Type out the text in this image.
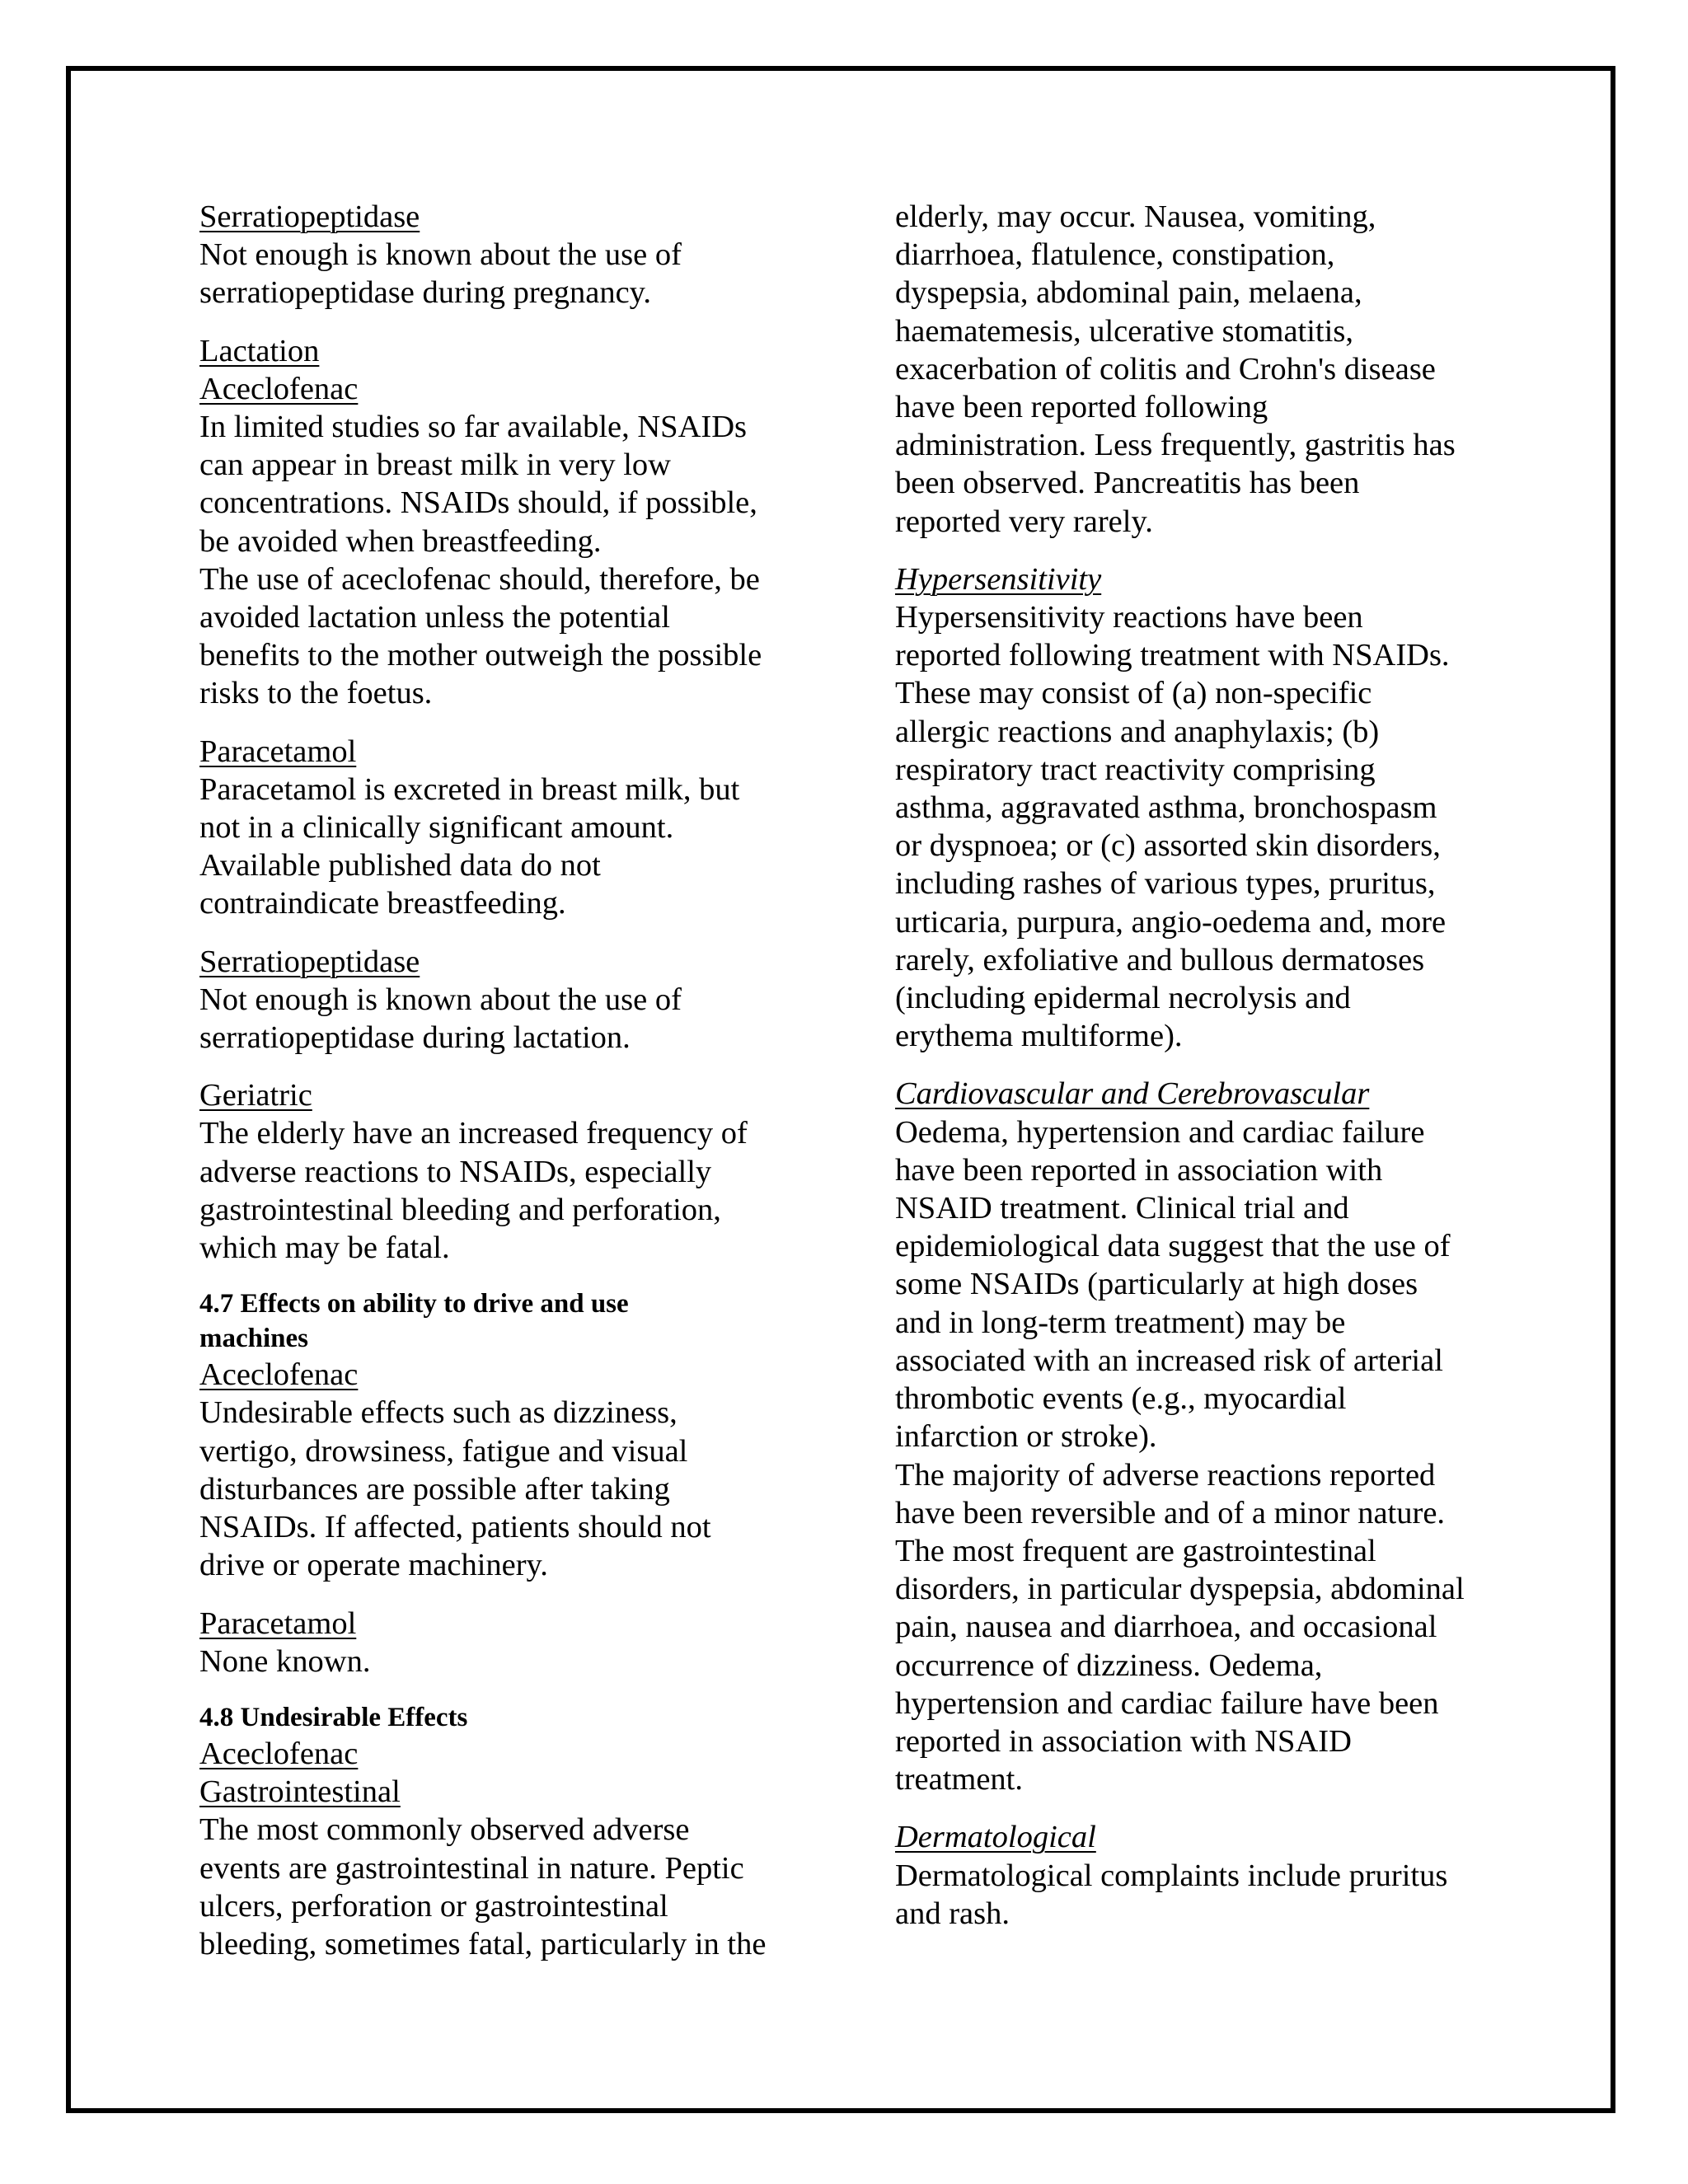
Serratiopeptidase
Not enough is known about the use of
serratiopeptidase during pregnancy.
Lactation
Aceclofenac
In limited studies so far available, NSAIDs
can appear in breast milk in very low
concentrations. NSAIDs should, if possible,
be avoided when breastfeeding.
The use of aceclofenac should, therefore, be
avoided lactation unless the potential
benefits to the mother outweigh the possible
risks to the foetus.
Paracetamol
Paracetamol is excreted in breast milk, but
not in a clinically significant amount.
Available published data do not
contraindicate breastfeeding.
Serratiopeptidase
Not enough is known about the use of
serratiopeptidase during lactation.
Geriatric
The elderly have an increased frequency of
adverse reactions to NSAIDs, especially
gastrointestinal bleeding and perforation,
which may be fatal.
4.7 Effects on ability to drive and use
machines
Aceclofenac
Undesirable effects such as dizziness,
vertigo, drowsiness, fatigue and visual
disturbances are possible after taking
NSAIDs. If affected, patients should not
drive or operate machinery.
Paracetamol
None known.
4.8 Undesirable Effects
Aceclofenac
Gastrointestinal
The most commonly observed adverse
events are gastrointestinal in nature. Peptic
ulcers, perforation or gastrointestinal
bleeding, sometimes fatal, particularly in the
elderly, may occur. Nausea, vomiting,
diarrhoea, flatulence, constipation,
dyspepsia, abdominal pain, melaena,
haematemesis, ulcerative stomatitis,
exacerbation of colitis and Crohn's disease
have been reported following
administration. Less frequently, gastritis has
been observed. Pancreatitis has been
reported very rarely.
Hypersensitivity
Hypersensitivity reactions have been
reported following treatment with NSAIDs.
These may consist of (a) non-specific
allergic reactions and anaphylaxis; (b)
respiratory tract reactivity comprising
asthma, aggravated asthma, bronchospasm
or dyspnoea; or (c) assorted skin disorders,
including rashes of various types, pruritus,
urticaria, purpura, angio-oedema and, more
rarely, exfoliative and bullous dermatoses
(including epidermal necrolysis and
erythema multiforme).
Cardiovascular and Cerebrovascular
Oedema, hypertension and cardiac failure
have been reported in association with
NSAID treatment. Clinical trial and
epidemiological data suggest that the use of
some NSAIDs (particularly at high doses
and in long-term treatment) may be
associated with an increased risk of arterial
thrombotic events (e.g., myocardial
infarction or stroke).
The majority of adverse reactions reported
have been reversible and of a minor nature.
The most frequent are gastrointestinal
disorders, in particular dyspepsia, abdominal
pain, nausea and diarrhoea, and occasional
occurrence of dizziness. Oedema,
hypertension and cardiac failure have been
reported in association with NSAID
treatment.
Dermatological
Dermatological complaints include pruritus
and rash.
